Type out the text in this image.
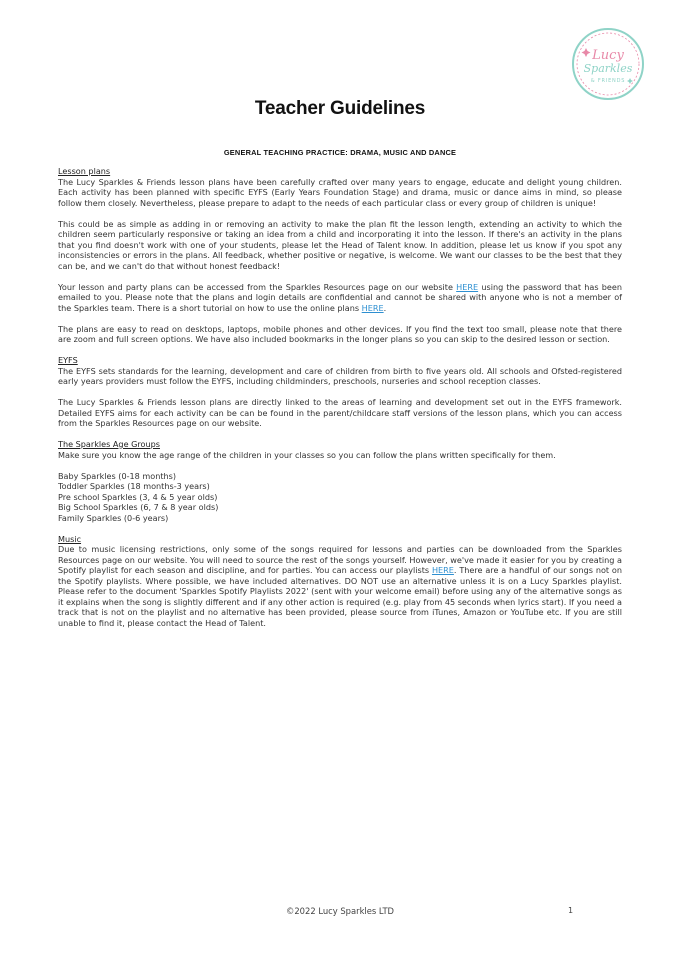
Lucy
Sparkles
& FRIENDS
Teacher Guidelines
GENERAL TEACHING PRACTICE: DRAMA, MUSIC AND DANCE
Lesson plans

The Lucy Sparkles & Friends lesson plans have been carefully crafted over many years to engage, educate and delight young children. Each activity has been planned with specific EYFS (Early Years Foundation Stage) and drama, music or dance aims in mind, so please follow them closely. Nevertheless, please prepare to adapt to the needs of each particular class or every group of children is unique!

This could be as simple as adding in or removing an activity to make the plan fit the lesson length, extending an activity to which the children seem particularly responsive or taking an idea from a child and incorporating it into the lesson. If there's an activity in the plans that you find doesn't work with one of your students, please let the Head of Talent know. In addition, please let us know if you spot any inconsistencies or errors in the plans. All feedback, whether positive or negative, is welcome. We want our classes to be the best that they can be, and we can't do that without honest feedback!

Your lesson and party plans can be accessed from the Sparkles Resources page on our website HERE using the password that has been emailed to you. Please note that the plans and login details are confidential and cannot be shared with anyone who is not a member of the Sparkles team. There is a short tutorial on how to use the online plans HERE.

The plans are easy to read on desktops, laptops, mobile phones and other devices. If you find the text too small, please note that there are zoom and full screen options. We have also included bookmarks in the longer plans so you can skip to the desired lesson or section.

EYFS

The EYFS sets standards for the learning, development and care of children from birth to five years old. All schools and Ofsted-registered early years providers must follow the EYFS, including childminders, preschools, nurseries and school reception classes.

The Lucy Sparkles & Friends lesson plans are directly linked to the areas of learning and development set out in the EYFS framework. Detailed EYFS aims for each activity can be can be found in the parent/childcare staff versions of the lesson plans, which you can access from the Sparkles Resources page on our website.

The Sparkles Age Groups

Make sure you know the age range of the children in your classes so you can follow the plans written specifically for them.

Baby Sparkles (0-18 months)
Toddler Sparkles (18 months-3 years)
Pre school Sparkles (3, 4 & 5 year olds)
Big School Sparkles (6, 7 & 8 year olds)
Family Sparkles (0-6 years)
Music

Due to music licensing restrictions, only some of the songs required for lessons and parties can be downloaded from the Sparkles Resources page on our website. You will need to source the rest of the songs yourself. However, we've made it easier for you by creating a Spotify playlist for each season and discipline, and for parties. You can access our playlists HERE. There are a handful of our songs not on the Spotify playlists. Where possible, we have included alternatives. DO NOT use an alternative unless it is on a Lucy Sparkles playlist. Please refer to the document 'Sparkles Spotify Playlists 2022' (sent with your welcome email) before using any of the alternative songs as it explains when the song is slightly different and if any other action is required (e.g. play from 45 seconds when lyrics start). If you need a track that is not on the playlist and no alternative has been provided, please source from iTunes, Amazon or YouTube etc. If you are still unable to find it, please contact the Head of Talent.

©2022 Lucy Sparkles LTD	1
